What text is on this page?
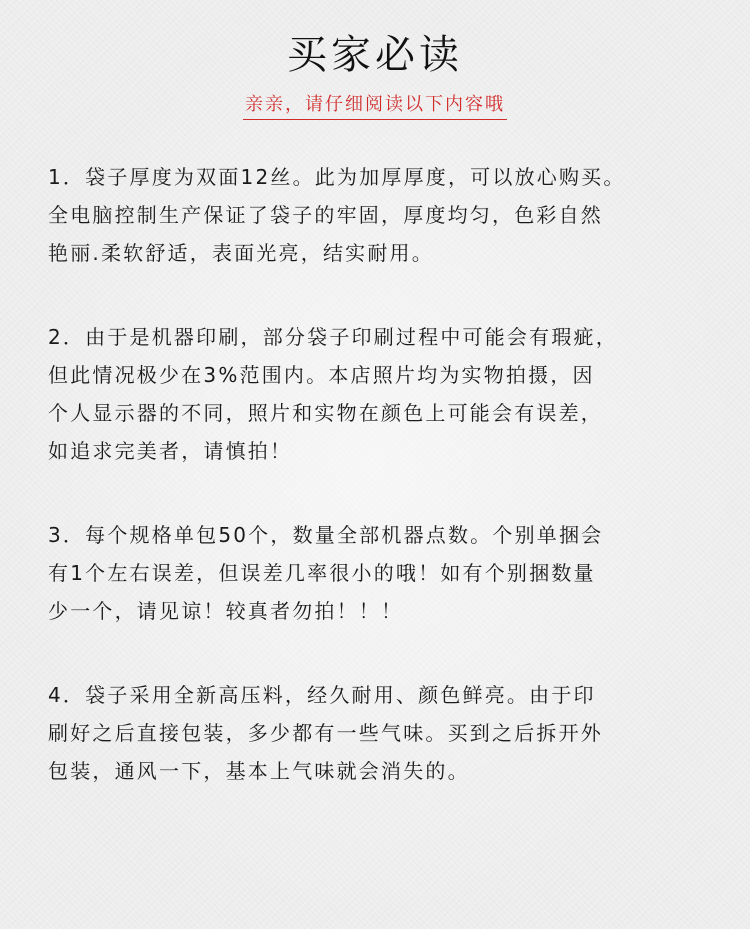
买家必读
亲亲，请仔细阅读以下内容哦
1．袋子厚度为双面12丝。此为加厚厚度，可以放心购买。
全电脑控制生产保证了袋子的牢固，厚度均匀，色彩自然
艳丽.柔软舒适，表面光亮，结实耐用。
2．由于是机器印刷，部分袋子印刷过程中可能会有瑕疵，
但此情况极少在3%范围内。本店照片均为实物拍摄，因
个人显示器的不同，照片和实物在颜色上可能会有误差，
如追求完美者，请慎拍！
3．每个规格单包50个，数量全部机器点数。个别单捆会
有1个左右误差，但误差几率很小的哦！如有个别捆数量
少一个，请见谅！较真者勿拍！！！
4．袋子采用全新高压料，经久耐用、颜色鲜亮。由于印
刷好之后直接包装，多少都有一些气味。买到之后拆开外
包装，通风一下，基本上气味就会消失的。
